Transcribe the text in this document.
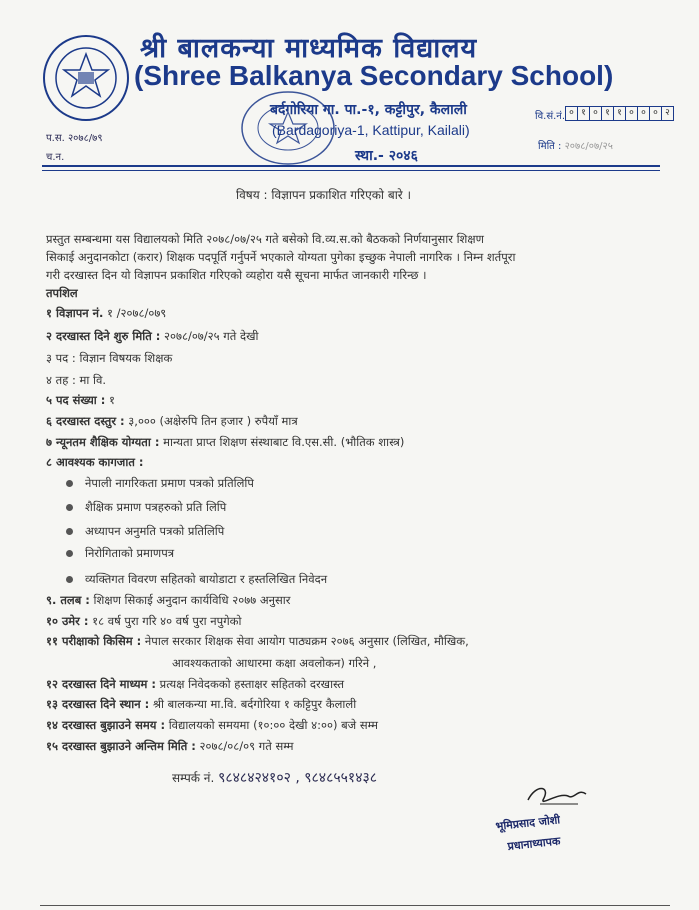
श्री बालकन्या माध्यमिक विद्यालय
(Shree Balkanya Secondary School)
बर्दगोरिया गा. पा.-१, कट्टीपुर, कैलाली
(Bardagoriya-1, Kattipur, Kailali)
स्था.- २०४६
वि.सं.नं. ० १ ० १ १ ० ० ० २
मिति : २०७८/०७/२५
प.स. २०७८/७९
च.न.
विषय : विज्ञापन प्रकाशित गरिएको बारे ।
प्रस्तुत सम्बन्धमा यस विद्यालयको मिति २०७८/०७/२५ गते बसेको वि.व्य.स.को बैठकको निर्णयानुसार शिक्षण
सिकाई अनुदानकोटा (करार) शिक्षक पदपूर्ति गर्नुपर्ने भएकाले योग्यता पुगेका इच्छुक नेपाली नागरिक । निम्न शर्तपूरा
गरी दरखास्त दिन यो विज्ञापन प्रकाशित गरिएको व्यहोरा यसै सूचना मार्फत जानकारी गरिन्छ ।
तपशिल
१ विज्ञापन नं. १ /२०७८/०७९
२ दरखास्त दिने शुरु मिति : २०७८/०७/२५ गते देखी
३ पद : विज्ञान विषयक शिक्षक
४ तह : मा वि.
५ पद संख्या : १
६ दरखास्त दस्तुर : ३,००० (अक्षेरुपि तिन हजार ) रुपैयाँ मात्र
७ न्यूनतम शैक्षिक योग्यता : मान्यता प्राप्त शिक्षण संस्थाबाट वि.एस.सी. (भौतिक शास्त्र)
८ आवश्यक कागजात :
नेपाली नागरिकता प्रमाण पत्रको प्रतिलिपि
शैक्षिक प्रमाण पत्रहरुको प्रति लिपि
अध्यापन अनुमति पत्रको प्रतिलिपि
निरोगिताको प्रमाणपत्र
व्यक्तिगत विवरण सहितको बायोडाटा र हस्तलिखित निवेदन
९. तलब : शिक्षण सिकाई अनुदान कार्यविधि २०७७ अनुसार
१० उमेर : १८ वर्ष पुरा गरि ४० वर्ष पुरा नपुगेको
११ परीक्षाको किसिम : नेपाल सरकार शिक्षक सेवा आयोग पाठ्यक्रम २०७६ अनुसार (लिखित, मौखिक,
आवश्यकताको आधारमा कक्षा अवलोकन) गरिने ,
१२ दरखास्त दिने माध्यम : प्रत्यक्ष निवेदकको हस्ताक्षर सहितको दरखास्त
१३ दरखास्त दिने स्थान : श्री बालकन्या मा.वि. बर्दगोरिया १ कट्टिपुर कैलाली
१४ दरखास्त बुझाउने समय : विद्यालयको समयमा (१०:०० देखी ४:००) बजे सम्म
१५ दरखास्त बुझाउने अन्तिम मिति : २०७८/०८/०९ गते सम्म
सम्पर्क नं. ९८४८४२४१०२ , ९८४८५५१४३८
भूमिप्रसाद जोशी
प्रधानाध्यापक
